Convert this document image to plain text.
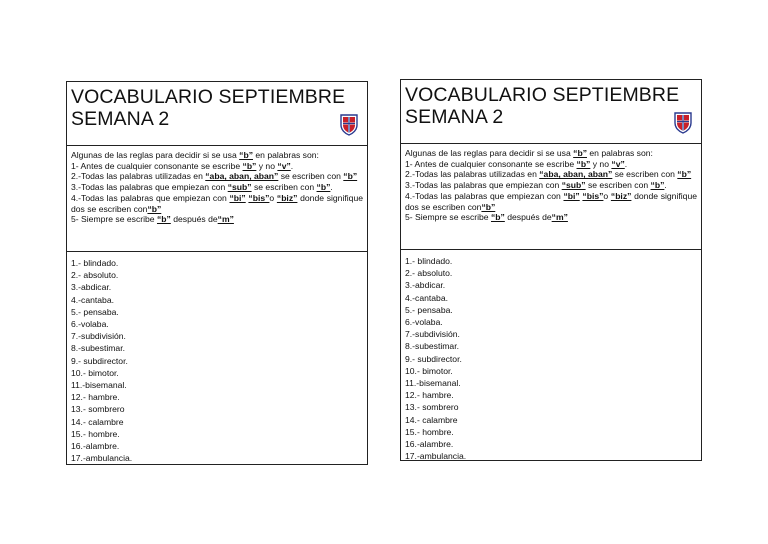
VOCABULARIO SEPTIEMBRE
SEMANA 2

Algunas de las reglas para decidir si se usa “b” en palabras son:

1- Antes de cualquier consonante se escribe “b” y no “v”.

2.-Todas las palabras utilizadas en “aba, aban, aban” se escriben con “b”

3.-Todas las palabras que empiezan con “sub” se escriben con “b”.

4.-Todas las palabras que empiezan con “bi” “bis”o “biz” donde signifique dos se escriben con“b”

5- Siempre se escribe “b” después de“m”

1.- blindado.
2.- absoluto.
3.-abdicar.
4.-cantaba.
5.- pensaba.
6.-volaba.
7.-subdivisión.
8.-subestimar.
9.- subdirector.
10.- bimotor.
11.-bisemanal.
12.- hambre.
13.- sombrero
14.- calambre
15.- hombre.
16.-alambre.
17.-ambulancia.
VOCABULARIO SEPTIEMBRE
SEMANA 2

Algunas de las reglas para decidir si se usa “b” en palabras son:

1- Antes de cualquier consonante se escribe “b” y no “v”.

2.-Todas las palabras utilizadas en “aba, aban, aban” se escriben con “b”

3.-Todas las palabras que empiezan con “sub” se escriben con “b”.

4.-Todas las palabras que empiezan con “bi” “bis”o “biz” donde signifique dos se escriben con“b”

5- Siempre se escribe “b” después de“m”

1.- blindado.
2.- absoluto.
3.-abdicar.
4.-cantaba.
5.- pensaba.
6.-volaba.
7.-subdivisión.
8.-subestimar.
9.- subdirector.
10.- bimotor.
11.-bisemanal.
12.- hambre.
13.- sombrero
14.- calambre
15.- hombre.
16.-alambre.
17.-ambulancia.
